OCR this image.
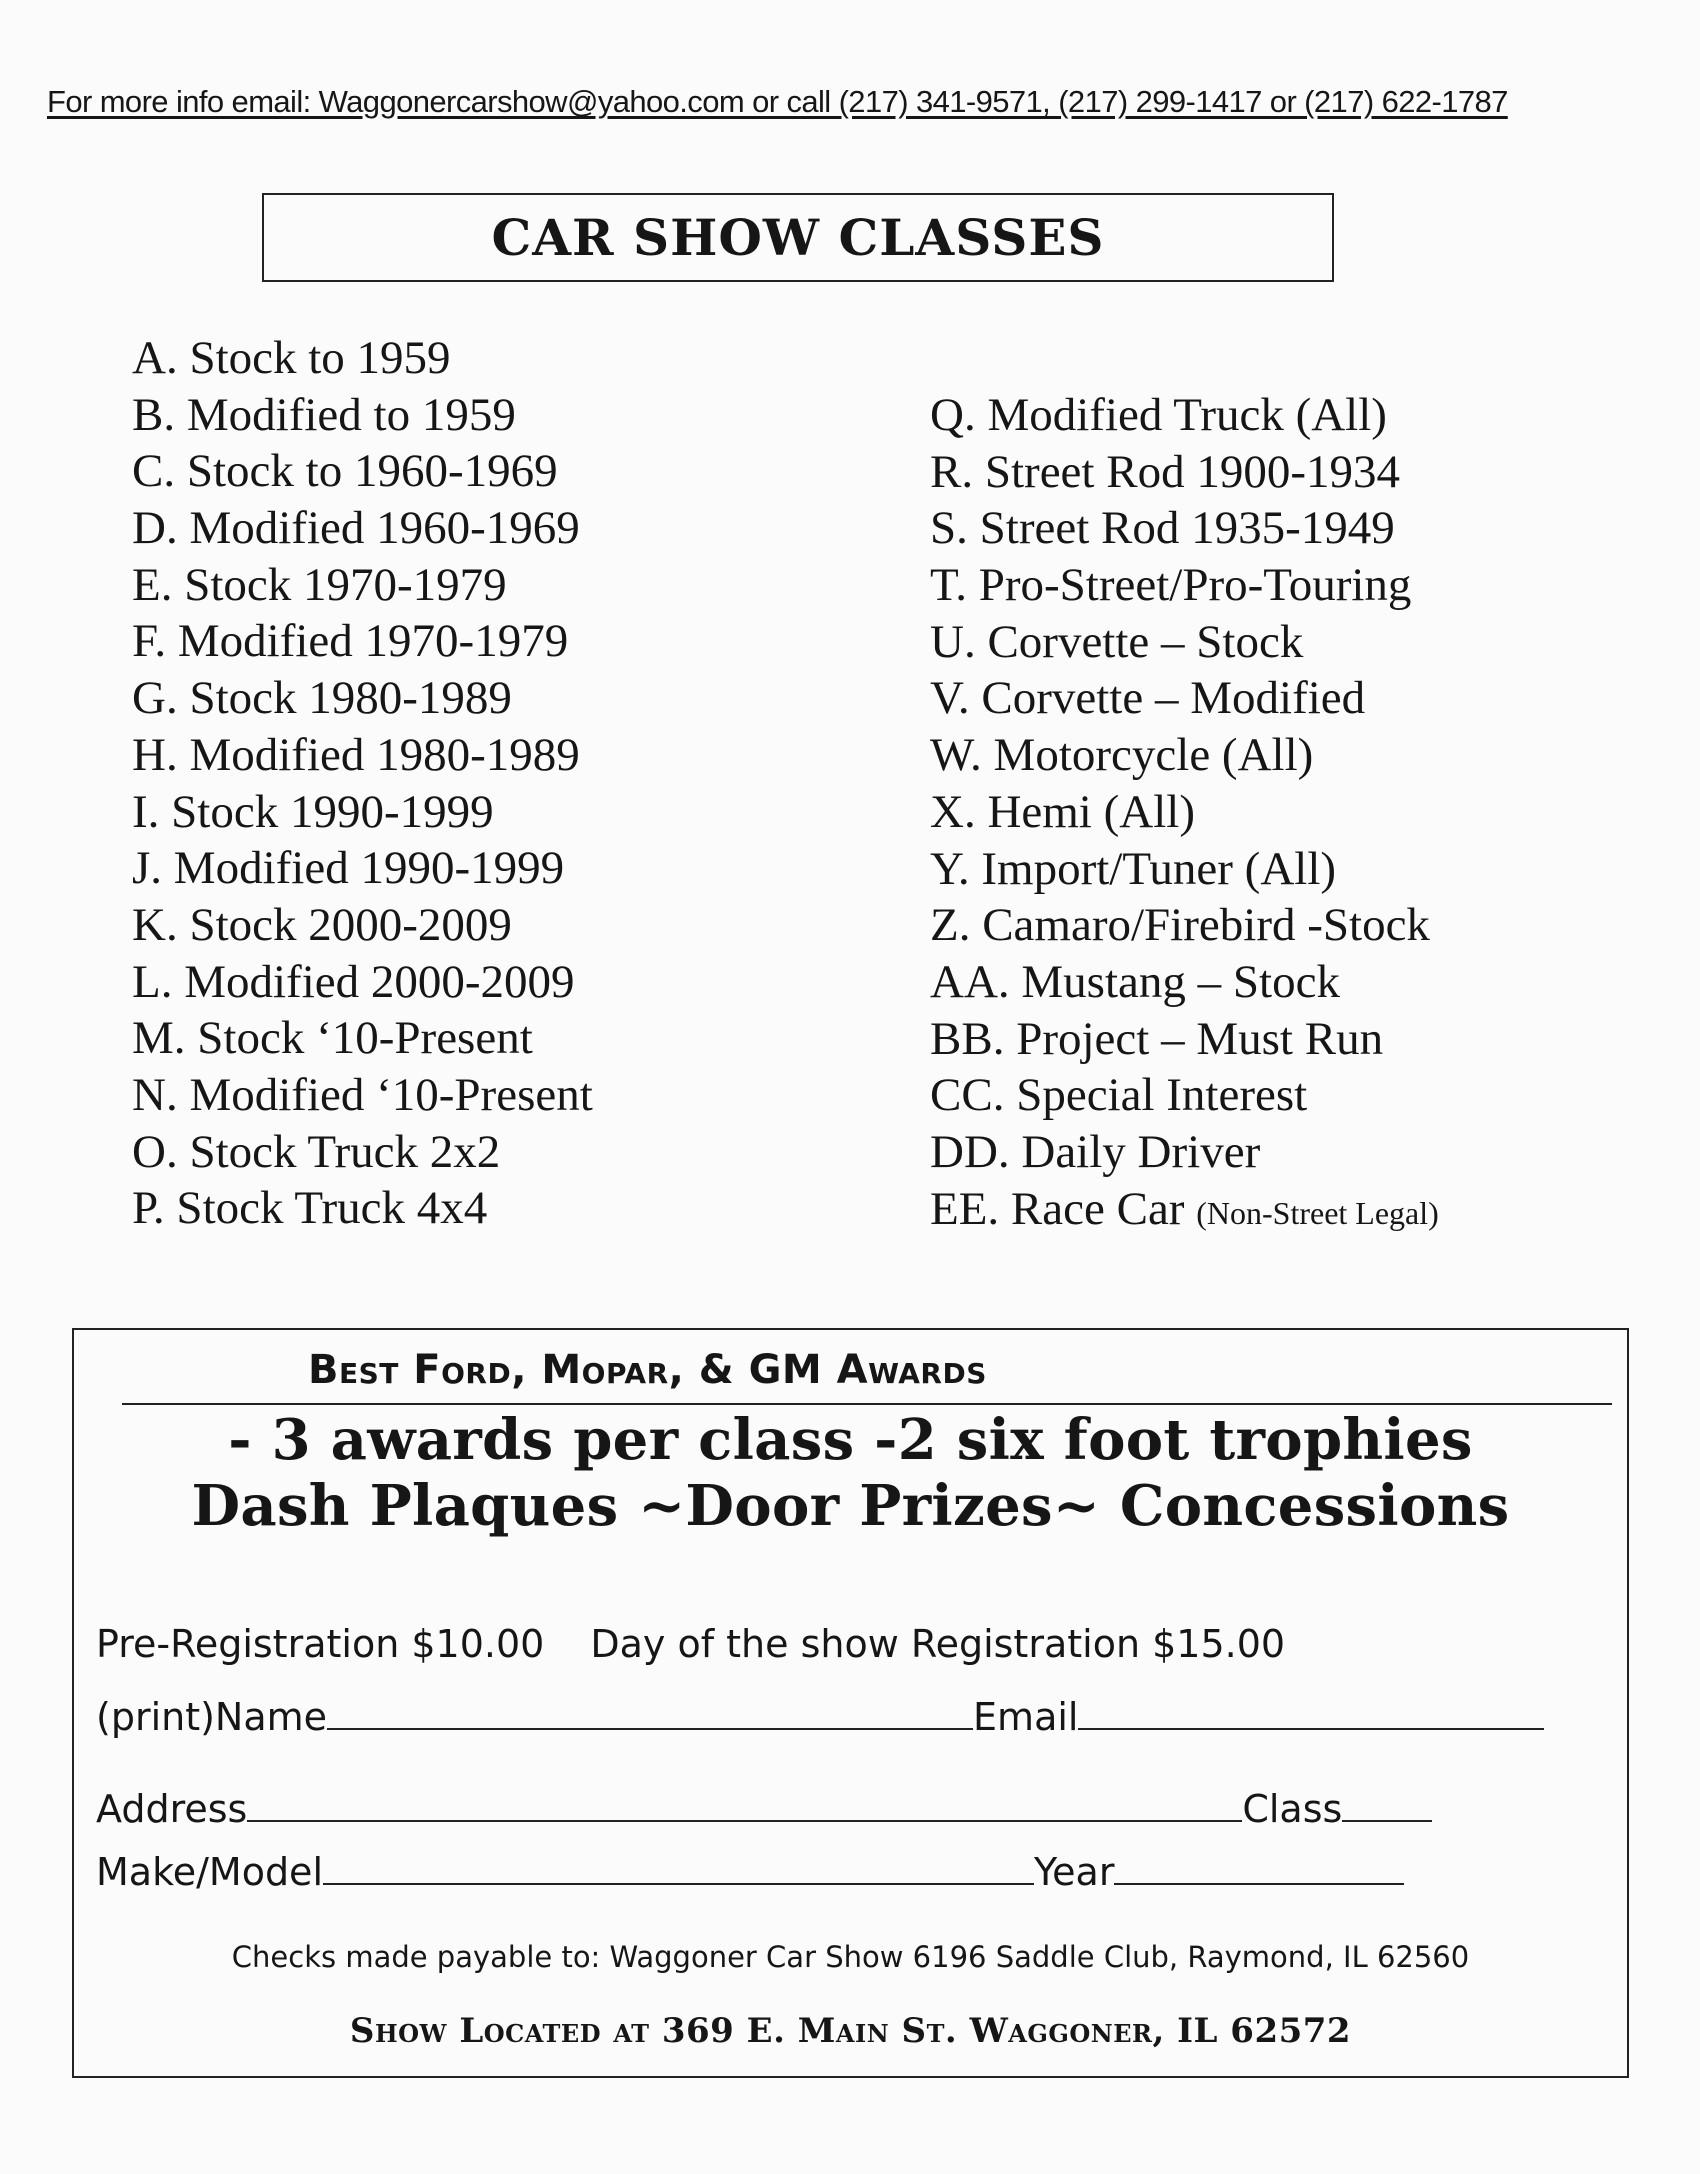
For more info email: Waggonercarshow@yahoo.com or call (217) 341-9571, (217) 299-1417 or (217) 622-1787
CAR SHOW CLASSES
A. Stock to 1959
B. Modified to 1959
C. Stock to 1960-1969
D. Modified 1960-1969
E. Stock 1970-1979
F. Modified 1970-1979
G. Stock 1980-1989
H. Modified 1980-1989
I. Stock 1990-1999
J. Modified 1990-1999
K. Stock 2000-2009
L. Modified 2000-2009
M. Stock ‘10-Present
N. Modified ‘10-Present
O. Stock Truck 2x2
P. Stock Truck 4x4
Q. Modified Truck (All)
R. Street Rod 1900-1934
S. Street Rod 1935-1949
T. Pro-Street/Pro-Touring
U. Corvette – Stock
V. Corvette – Modified
W. Motorcycle (All)
X. Hemi (All)
Y. Import/Tuner (All)
Z. Camaro/Firebird -Stock
AA. Mustang – Stock
BB. Project – Must Run
CC. Special Interest
DD. Daily Driver
EE. Race Car (Non-Street Legal)
Best Ford, Mopar, & GM Awards
- 3 awards per class -2 six foot trophies
Dash Plaques ~Door Prizes~ Concessions
Pre-Registration $10.00 Day of the show Registration $15.00
(print)Name	Email
Address	Class
Make/Model	Year
Checks made payable to: Waggoner Car Show 6196 Saddle Club, Raymond, IL 62560
Show Located at 369 E. Main St. Waggoner, IL 62572
